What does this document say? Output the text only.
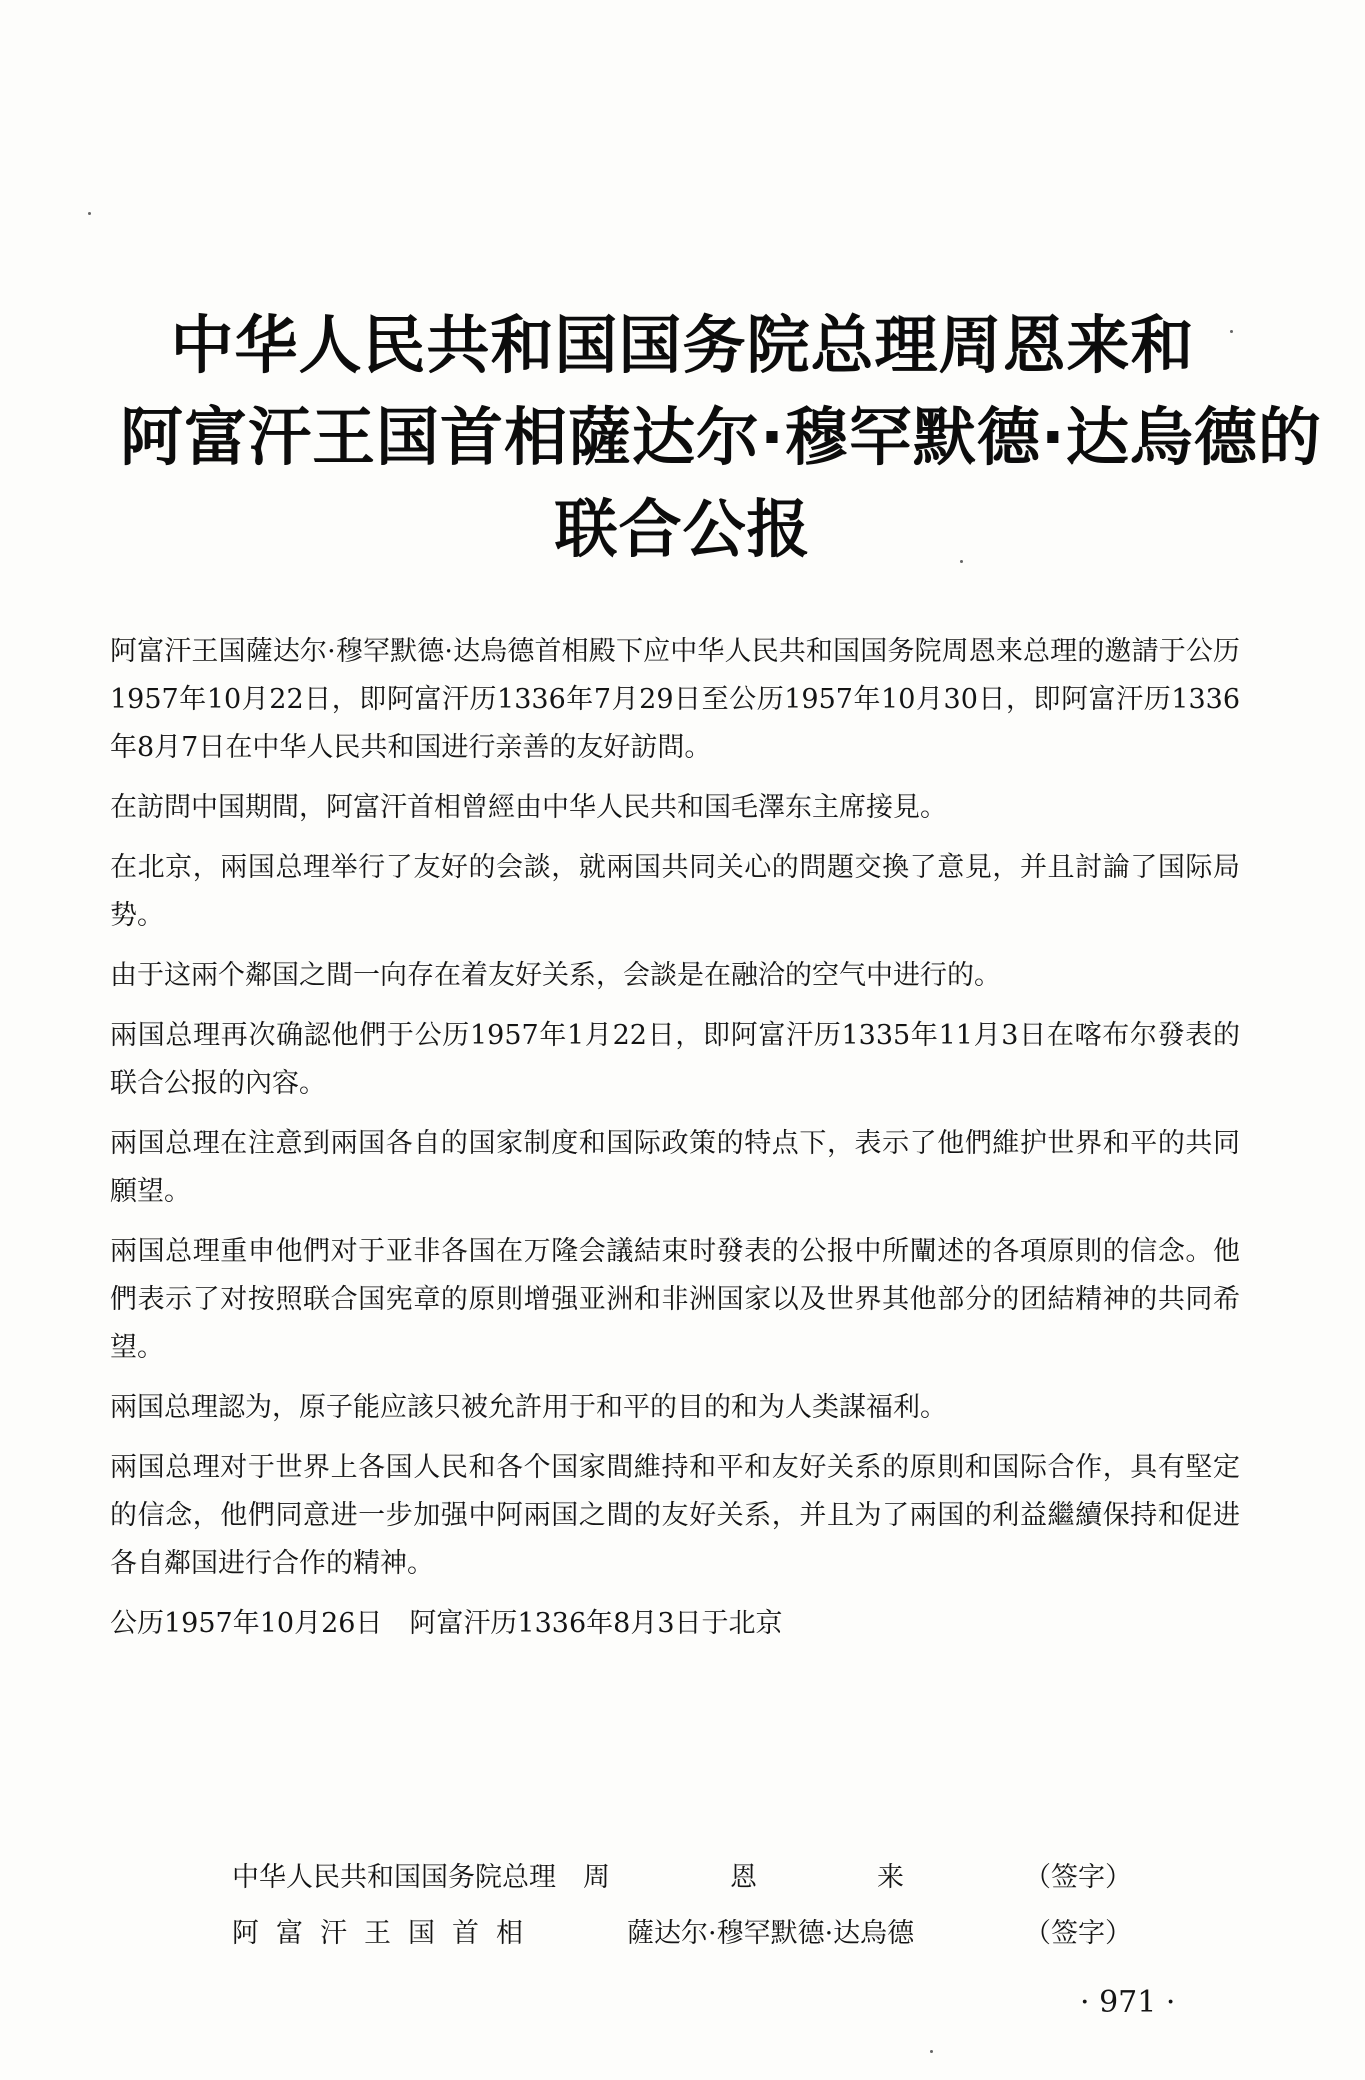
中华人民共和国国务院总理周恩来和
阿富汗王国首相薩达尔·穆罕默德·达烏德的
联合公报

阿富汗王国薩达尔·穆罕默德·达烏德首相殿下应中华人民共和国国务院周恩来总理的邀請于公历1957年10月22日，即阿富汗历1336年7月29日至公历1957年10月30日，即阿富汗历1336年8月7日在中华人民共和国进行亲善的友好訪問。

在訪問中国期間，阿富汗首相曾經由中华人民共和国毛澤东主席接見。

在北京，兩国总理举行了友好的会談，就兩国共同关心的問題交換了意見，并且討論了国际局势。

由于这兩个鄰国之間一向存在着友好关系，会談是在融洽的空气中进行的。

兩国总理再次确認他們于公历1957年1月22日，即阿富汗历1335年11月3日在喀布尔發表的联合公报的內容。

兩国总理在注意到兩国各自的国家制度和国际政策的特点下，表示了他們維护世界和平的共同願望。

兩国总理重申他們对于亚非各国在万隆会議結束时發表的公报中所闡述的各項原則的信念。他們表示了对按照联合国宪章的原則增强亚洲和非洲国家以及世界其他部分的团結精神的共同希望。

兩国总理認为，原子能应該只被允許用于和平的目的和为人类謀福利。

兩国总理对于世界上各国人民和各个国家間維持和平和友好关系的原則和国际合作，具有堅定的信念，他們同意进一步加强中阿兩国之間的友好关系，并且为了兩国的利益繼續保持和促进各自鄰国进行合作的精神。

公历1957年10月26日　阿富汗历1336年8月3日于北京

中华人民共和国国务院总理	周恩来 （签字）
阿富汗王国首相	薩达尔·穆罕默德·达烏德	（签字）
· 971 ·
